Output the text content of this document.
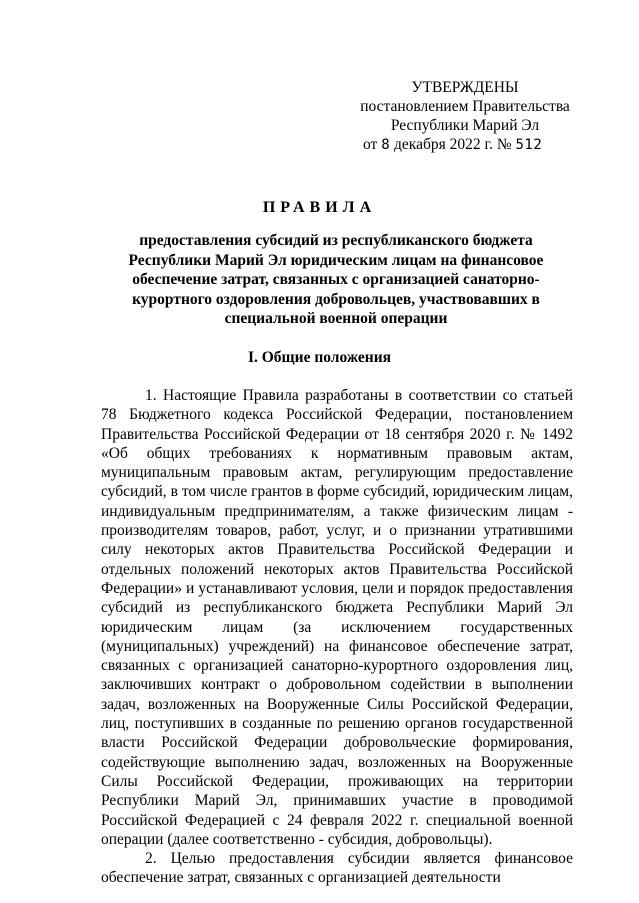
УТВЕРЖДЕНЫ
постановлением Правительства
Республики Марий Эл
от 8 декабря 2022 г. № 512
ПРАВИЛА
предоставления субсидий из республиканского бюджета Республики Марий Эл юридическим лицам на финансовое обеспечение затрат, связанных с организацией санаторно-курортного оздоровления добровольцев, участвовавших в специальной военной операции
I. Общие положения

1. Настоящие Правила разработаны в соответствии со статьей 78 Бюджетного кодекса Российской Федерации, постановлением Правительства Российской Федерации от 18 сентября 2020 г. № 1492 «Об общих требованиях к нормативным правовым актам, муниципальным правовым актам, регулирующим предоставление субсидий, в том числе грантов в форме субсидий, юридическим лицам, индивидуальным предпринимателям, а также физическим лицам - производителям товаров, работ, услуг, и о признании утратившими силу некоторых актов Правительства Российской Федерации и отдельных положений некоторых актов Правительства Российской Федерации» и устанавливают условия, цели и порядок предоставления субсидий из республиканского бюджета Республики Марий Эл юридическим лицам (за исключением государственных (муниципальных) учреждений) на финансовое обеспечение затрат, связанных с организацией санаторно-курортного оздоровления лиц, заключивших контракт о добровольном содействии в выполнении задач, возложенных на Вооруженные Силы Российской Федерации, лиц, поступивших в созданные по решению органов государственной власти Российской Федерации добровольческие формирования, содействующие выполнению задач, возложенных на Вооруженные Силы Российской Федерации, проживающих на территории Республики Марий Эл, принимавших участие в проводимой Российской Федерацией с 24 февраля 2022 г. специальной военной операции (далее соответственно - субсидия, добровольцы).

2. Целью предоставления субсидии является финансовое обеспечение затрат, связанных с организацией деятельности
